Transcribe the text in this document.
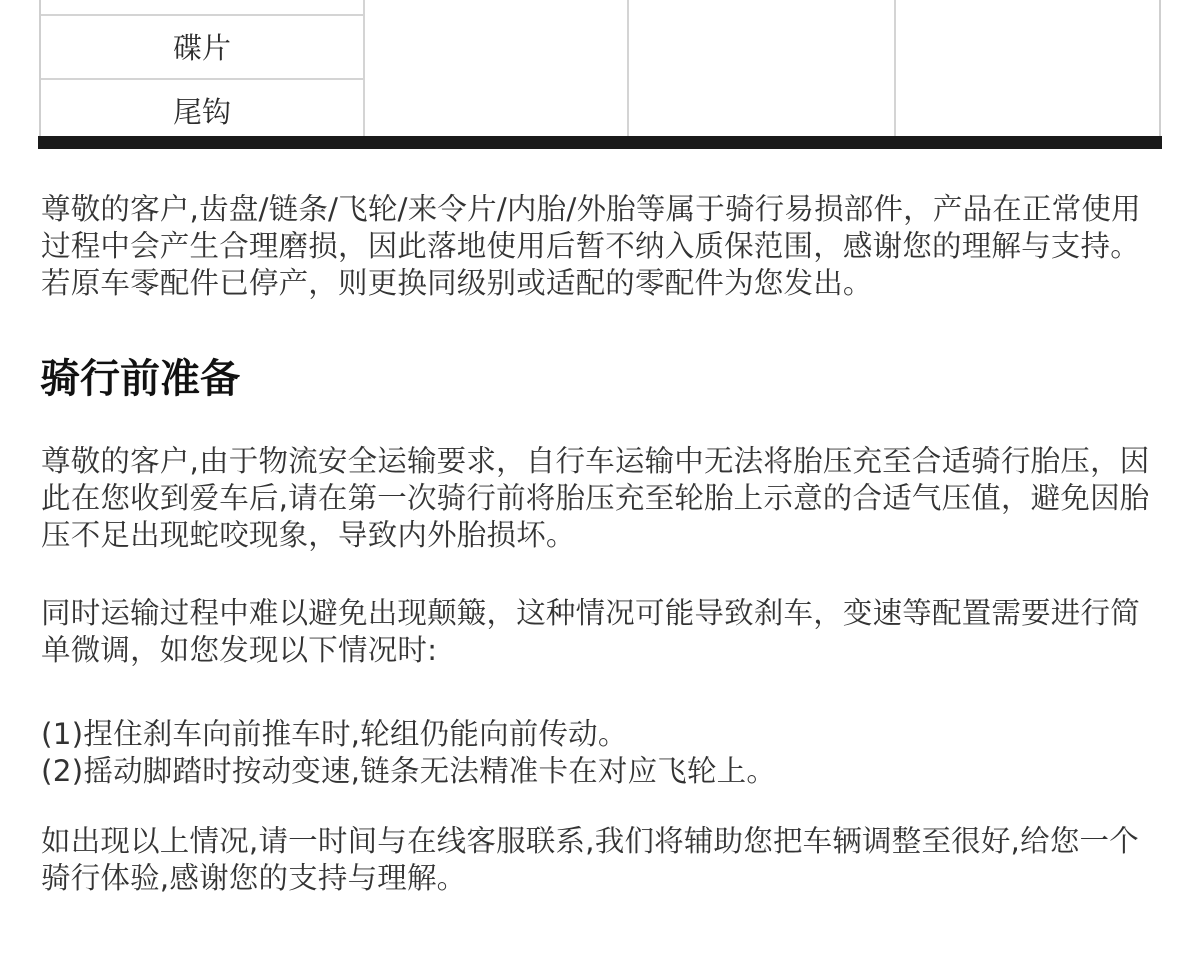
碟片
尾钩

尊敬的客户,齿盘/链条/飞轮/来令片/内胎/外胎等属于骑行易损部件，产品在正常使用过程中会产生合理磨损，因此落地使用后暂不纳入质保范围，感谢您的理解与支持。若原车零配件已停产，则更换同级别或适配的零配件为您发出。

骑行前准备

尊敬的客户,由于物流安全运输要求，自行车运输中无法将胎压充至合适骑行胎压，因此在您收到爱车后,请在第一次骑行前将胎压充至轮胎上示意的合适气压值，避免因胎压不足出现蛇咬现象，导致内外胎损坏。

同时运输过程中难以避免出现颠簸，这种情况可能导致刹车，变速等配置需要进行简单微调，如您发现以下情况时:

(1)捏住刹车向前推车时,轮组仍能向前传动。

(2)摇动脚踏时按动变速,链条无法精准卡在对应飞轮上。

如出现以上情况,请一时间与在线客服联系,我们将辅助您把车辆调整至很好,给您一个骑行体验,感谢您的支持与理解。
